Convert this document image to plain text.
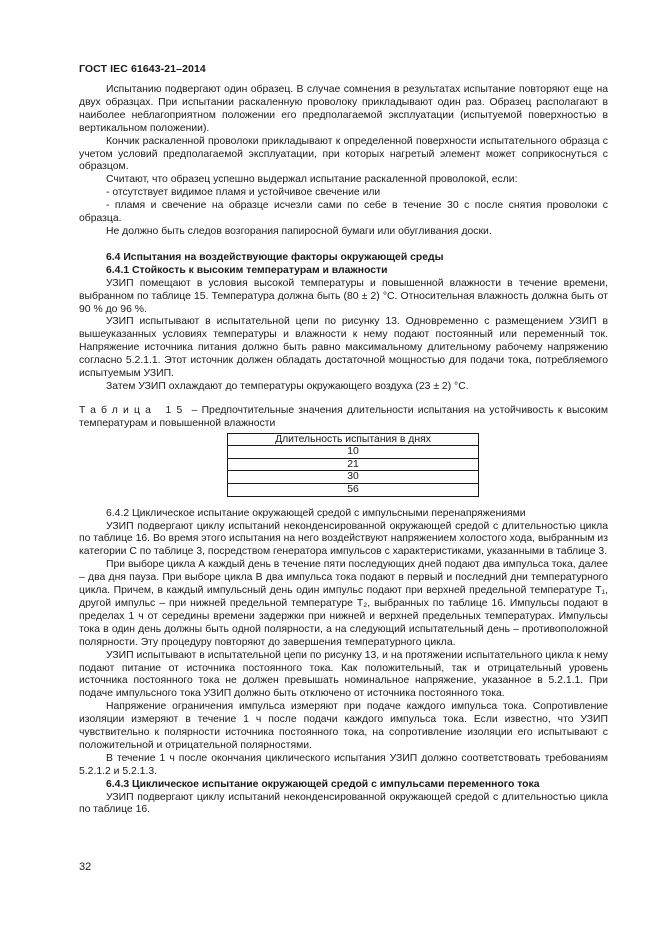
ГОСТ IEC 61643-21–2014

Испытанию подвергают один образец. В случае сомнения в результатах испытание повторяют еще на двух образцах. При испытании раскаленную проволоку прикладывают один раз. Образец располагают в наиболее неблагоприятном положении его предполагаемой эксплуатации (испытуемой поверхностью в вертикальном положении).

Кончик раскаленной проволоки прикладывают к определенной поверхности испытательного образца с учетом условий предполагаемой эксплуатации, при которых нагретый элемент может соприкоснуться с образцом.

Считают, что образец успешно выдержал испытание раскаленной проволокой, если:

- отсутствует видимое пламя и устойчивое свечение или

- пламя и свечение на образце исчезли сами по себе в течение 30 с после снятия проволоки с образца.

Не должно быть следов возгорания папиросной бумаги или обугливания доски.

6.4 Испытания на воздействующие факторы окружающей среды

6.4.1 Стойкость к высоким температурам и влажности

УЗИП помещают в условия высокой температуры и повышенной влажности в течение времени, выбранном по таблице 15. Температура должна быть (80 ± 2) °С. Относительная влажность должна быть от 90 % до 96 %.

УЗИП испытывают в испытательной цепи по рисунку 13. Одновременно с размещением УЗИП в вышеуказанных условиях температуры и влажности к нему подают постоянный или переменный ток. Напряжение источника питания должно быть равно максимальному длительному рабочему напряжению согласно 5.2.1.1. Этот источник должен обладать достаточной мощностью для подачи тока, потребляемого испытуемым УЗИП.

Затем УЗИП охлаждают до температуры окружающего воздуха (23 ± 2) °С.

Таблица 15 – Предпочтительные значения длительности испытания на устойчивость к высоким температурам и повышенной влажности
Длительность испытания в днях
10
21
30
56

6.4.2 Циклическое испытание окружающей средой с импульсными перенапряжениями

УЗИП подвергают циклу испытаний неконденсированной окружающей средой с длительностью цикла по таблице 16. Во время этого испытания на него воздействуют напряжением холостого хода, выбранным из категории С по таблице 3, посредством генератора импульсов с характеристиками, указанными в таблице 3.

При выборе цикла А каждый день в течение пяти последующих дней подают два импульса тока, далее – два дня пауза. При выборе цикла В два импульса тока подают в первый и последний дни температурного цикла. Причем, в каждый импульсный день один импульс подают при верхней предельной температуре T₁, другой импульс – при нижней предельной температуре T₂, выбранных по таблице 16. Импульсы подают в пределах 1 ч от середины времени задержки при нижней и верхней предельных температурах. Импульсы тока в один день должны быть одной полярности, а на следующий испытательный день – противоположной полярности. Эту процедуру повторяют до завершения температурного цикла.

УЗИП испытывают в испытательной цепи по рисунку 13, и на протяжении испытательного цикла к нему подают питание от источника постоянного тока. Как положительный, так и отрицательный уровень источника постоянного тока не должен превышать номинальное напряжение, указанное в 5.2.1.1. При подаче импульсного тока УЗИП должно быть отключено от источника постоянного тока.

Напряжение ограничения импульса измеряют при подаче каждого импульса тока. Сопротивление изоляции измеряют в течение 1 ч после подачи каждого импульса тока. Если известно, что УЗИП чувствительно к полярности источника постоянного тока, на сопротивление изоляции его испытывают с положительной и отрицательной полярностями.

В течение 1 ч после окончания циклического испытания УЗИП должно соответствовать требованиям 5.2.1.2 и 5.2.1.3.

6.4.3 Циклическое испытание окружающей средой с импульсами переменного тока

УЗИП подвергают циклу испытаний неконденсированной окружающей средой с длительностью цикла по таблице 16.

32
